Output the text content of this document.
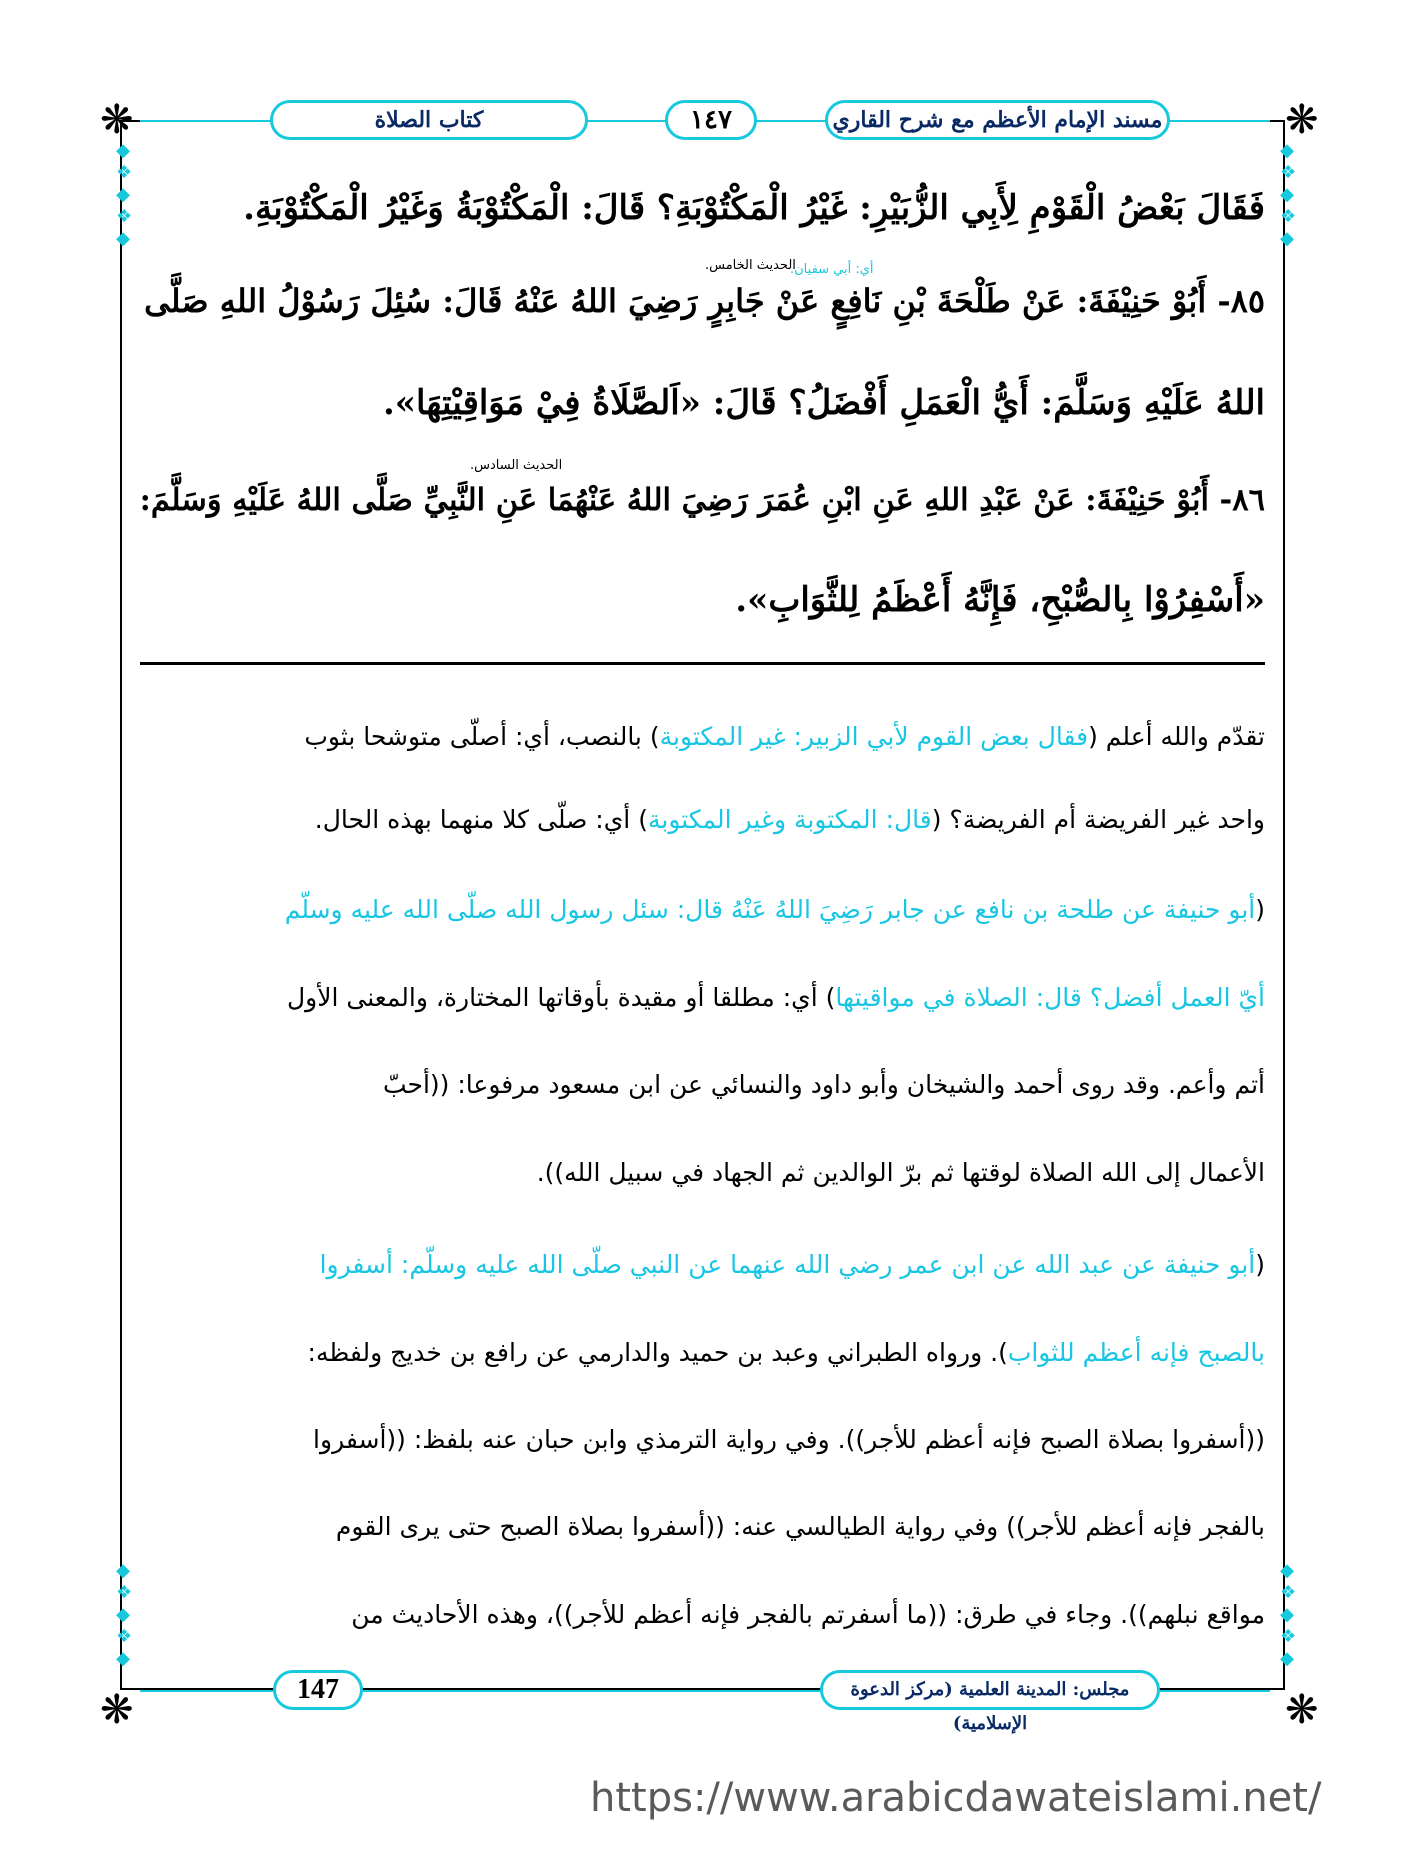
❋	❋
❋	❋
◆
❖
◆
❖
◆
◆
❖
◆
❖
◆
◆
❖
◆
❖
◆
◆
❖
◆
❖
◆
كتاب الصلاة	١٤٧	مسند الإمام الأعظم مع شرح القاري
فَقَالَ بَعْضُ الْقَوْمِ لِأَبِي الزُّبَيْرِ: غَيْرُ الْمَكْتُوْبَةِ؟ قَالَ: الْمَكْتُوْبَةُ وَغَيْرُ الْمَكْتُوْبَةِ.
الحديث الخامس.
أي: أبي سفيان.
٨٥- أَبُوْ حَنِيْفَةَ: عَنْ طَلْحَةَ بْنِ نَافِعٍ عَنْ جَابِرٍ رَضِيَ اللهُ عَنْهُ قَالَ: سُئِلَ رَسُوْلُ اللهِ صَلَّى
اللهُ عَلَيْهِ وَسَلَّمَ: أَيُّ الْعَمَلِ أَفْضَلُ؟ قَالَ: «اَلصَّلَاةُ فِيْ مَوَاقِيْتِهَا».
الحديث السادس.
٨٦- أَبُوْ حَنِيْفَةَ: عَنْ عَبْدِ اللهِ عَنِ ابْنِ عُمَرَ رَضِيَ اللهُ عَنْهُمَا عَنِ النَّبِيِّ صَلَّى اللهُ عَلَيْهِ وَسَلَّمَ:
«أَسْفِرُوْا بِالصُّبْحِ، فَإِنَّهُ أَعْظَمُ لِلثَّوَابِ».
تقدّم والله أعلم (فقال بعض القوم لأبي الزبير: غير المكتوبة) بالنصب، أي: أصلّى متوشحا بثوب
واحد غير الفريضة أم الفريضة؟ (قال: المكتوبة وغير المكتوبة) أي: صلّى كلا منهما بهذه الحال.
(أبو حنيفة عن طلحة بن نافع عن جابر رَضِيَ اللهُ عَنْهُ قال: سئل رسول الله صلّى الله عليه وسلّم
أيّ العمل أفضل؟ قال: الصلاة في مواقيتها) أي: مطلقا أو مقيدة بأوقاتها المختارة، والمعنى الأول
أتم وأعم. وقد روى أحمد والشيخان وأبو داود والنسائي عن ابن مسعود مرفوعا: ((أحبّ
الأعمال إلى الله الصلاة لوقتها ثم برّ الوالدين ثم الجهاد في سبيل الله)).
(أبو حنيفة عن عبد الله عن ابن عمر رضي الله عنهما عن النبي صلّى الله عليه وسلّم: أسفروا
بالصبح فإنه أعظم للثواب). ورواه الطبراني وعبد بن حميد والدارمي عن رافع بن خديج ولفظه:
((أسفروا بصلاة الصبح فإنه أعظم للأجر)). وفي رواية الترمذي وابن حبان عنه بلفظ: ((أسفروا
بالفجر فإنه أعظم للأجر)) وفي رواية الطيالسي عنه: ((أسفروا بصلاة الصبح حتى يرى القوم
مواقع نبلهم)). وجاء في طرق: ((ما أسفرتم بالفجر فإنه أعظم للأجر))، وهذه الأحاديث من
147	مجلس: المدينة العلمية (مركز الدعوة الإسلامية)
https://www.arabicdawateislami.net/
